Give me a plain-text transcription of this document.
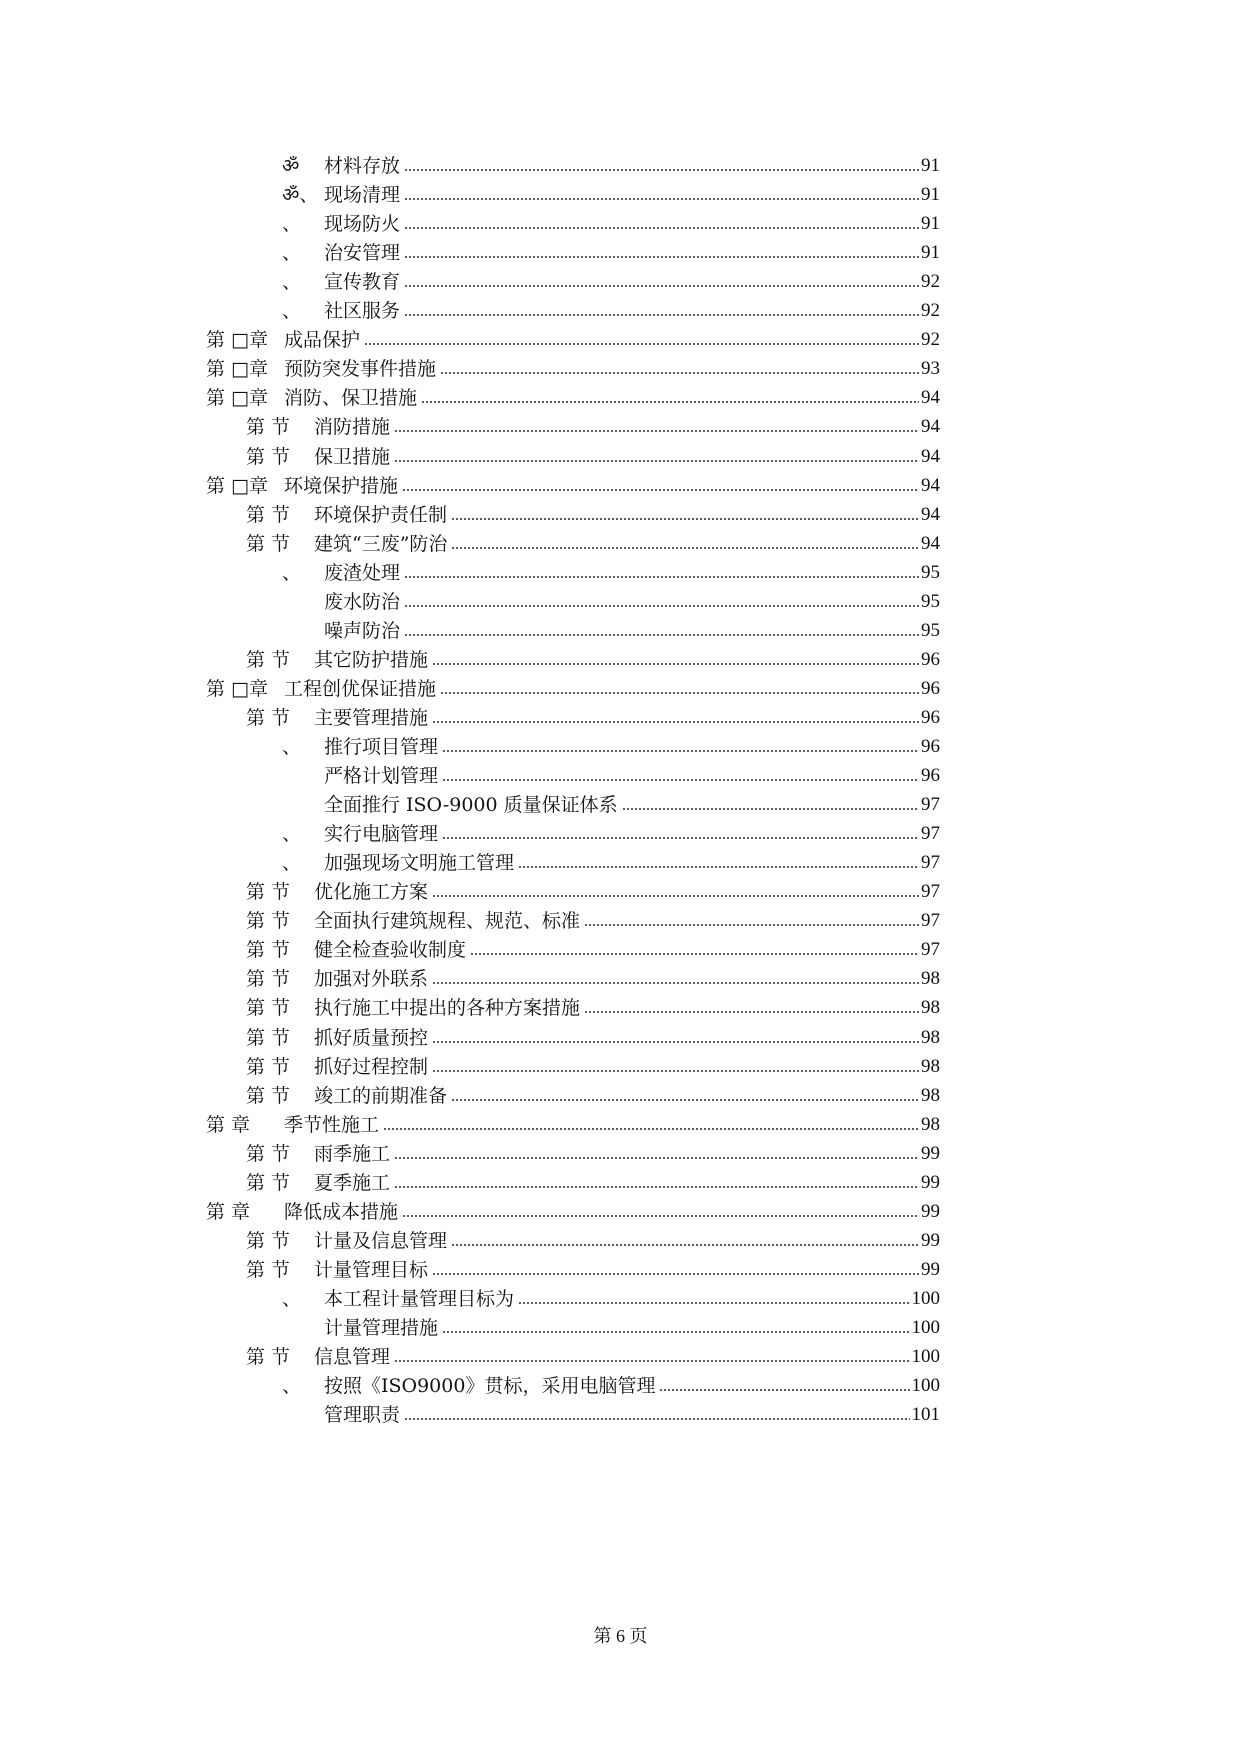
ॐ	材料存放	91
ॐ、 现场清理	91
、	现场防火	91
、	治安管理	91
、	宣传教育	92
、	社区服务	92
第 □章 成品保护	92
第 □章 预防突发事件措施	93
第 □章 消防、保卫措施	94
第 节	消防措施	94
第 节	保卫措施	94
第 □章 环境保护措施	94
第 节	环境保护责任制	94
第 节	建筑“三废”防治	94
、	废渣处理	95
废水防治	95
噪声防治	95
第 节	其它防护措施	96
第 □章 工程创优保证措施	96
第 节	主要管理措施	96
、	推行项目管理	96
严格计划管理	96
全面推行 ISO-9000 质量保证体系	97
、	实行电脑管理	97
、	加强现场文明施工管理	97
第 节	优化施工方案	97
第 节	全面执行建筑规程、规范、标准	97
第 节	健全检查验收制度	97
第 节	加强对外联系	98
第 节	执行施工中提出的各种方案措施	98
第 节	抓好质量预控	98
第 节	抓好过程控制	98
第 节	竣工的前期准备	98
第 章	季节性施工	98
第 节	雨季施工	99
第 节	夏季施工	99
第 章	降低成本措施	99
第 节	计量及信息管理	99
第 节	计量管理目标	99
、	本工程计量管理目标为	100
计量管理措施	100
第 节	信息管理	100
、	按照《ISO9000》贯标，采用电脑管理	100
管理职责	101
第 6 页
